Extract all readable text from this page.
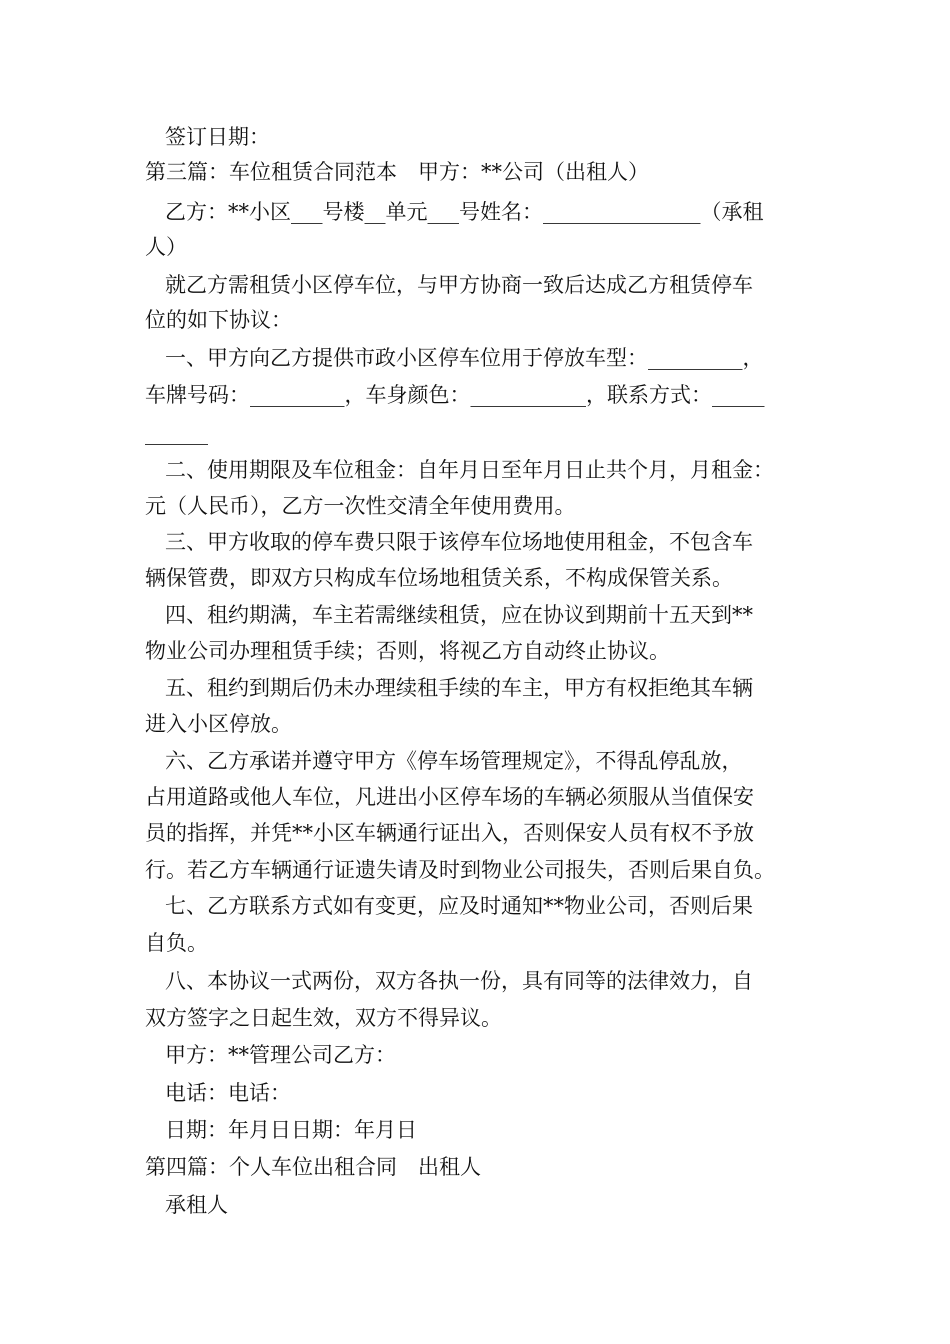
签订日期：
第三篇：车位租赁合同范本　甲方：**公司（出租人）
乙方：**小区___号楼__单元___号姓名：_______________（承租
人）
就乙方需租赁小区停车位，与甲方协商一致后达成乙方租赁停车
位的如下协议：
一、甲方向乙方提供市政小区停车位用于停放车型：_________，
车牌号码：_________，车身颜色：___________，联系方式：_____
______
二、使用期限及车位租金：自年月日至年月日止共个月，月租金：
元（人民币），乙方一次性交清全年使用费用。
三、甲方收取的停车费只限于该停车位场地使用租金，不包含车
辆保管费，即双方只构成车位场地租赁关系，不构成保管关系。
四、租约期满，车主若需继续租赁，应在协议到期前十五天到**
物业公司办理租赁手续；否则，将视乙方自动终止协议。
五、租约到期后仍未办理续租手续的车主，甲方有权拒绝其车辆
进入小区停放。
六、乙方承诺并遵守甲方《停车场管理规定》，不得乱停乱放，
占用道路或他人车位，凡进出小区停车场的车辆必须服从当值保安
员的指挥，并凭**小区车辆通行证出入，否则保安人员有权不予放
行。若乙方车辆通行证遗失请及时到物业公司报失，否则后果自负。
七、乙方联系方式如有变更，应及时通知**物业公司，否则后果
自负。
八、本协议一式两份，双方各执一份，具有同等的法律效力，自
双方签字之日起生效，双方不得异议。
甲方：**管理公司乙方：
电话：电话：
日期：年月日日期：年月日
第四篇：个人车位出租合同　出租人
承租人
